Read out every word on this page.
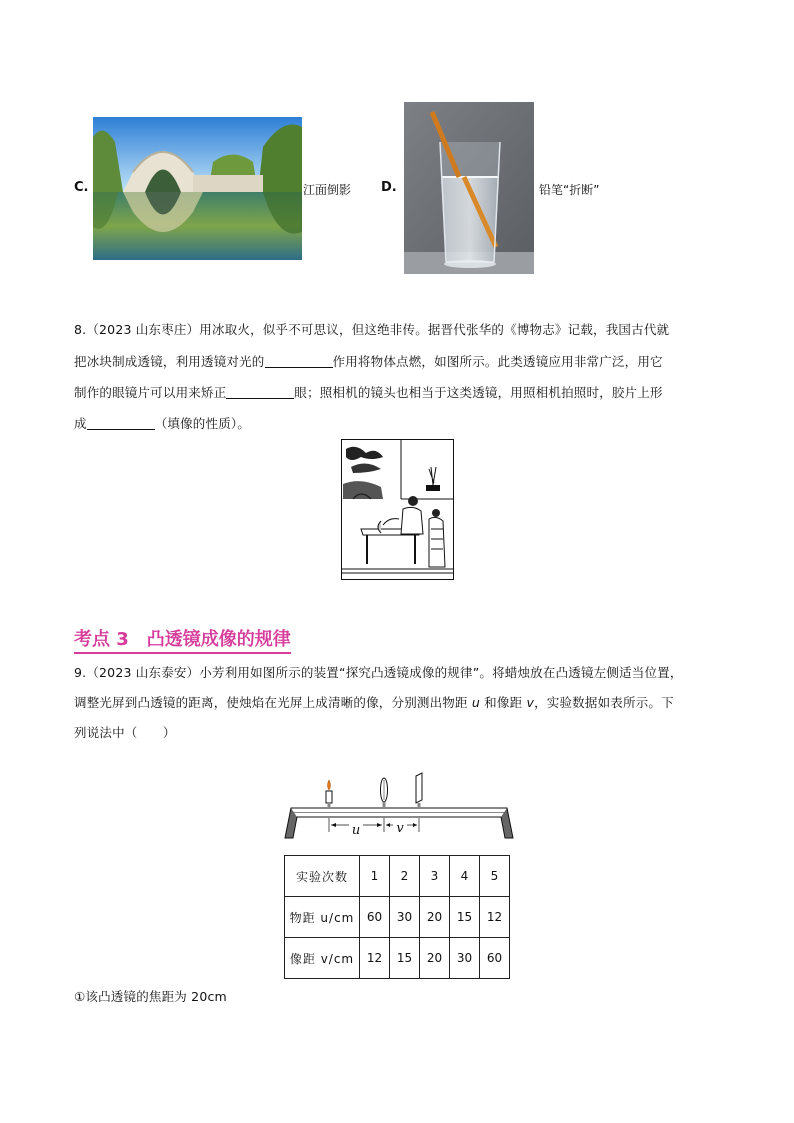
C.	江面倒影 D.	铅笔“折断”
8.（2023 山东枣庄）用冰取火，似乎不可思议，但这绝非传。据晋代张华的《博物志》记载，我国古代就
把冰块制成透镜，利用透镜对光的	作用将物体点燃，如图所示。此类透镜应用非常广泛，用它
制作的眼镜片可以用来矫正	眼；照相机的镜头也相当于这类透镜，用照相机拍照时，胶片上形
成	（填像的性质）。
考点 3　凸透镜成像的规律
9.（2023 山东泰安）小芳利用如图所示的装置“探究凸透镜成像的规律”。将蜡烛放在凸透镜左侧适当位置，
调整光屏到凸透镜的距离，使烛焰在光屏上成清晰的像，分别测出物距 u 和像距 v，实验数据如表所示。下
列说法中（　　）
u	v
实验次数	1	2	3	4	5
物距 u/cm	60	30	20	15	12
像距 v/cm	12	15	20	30	60
①该凸透镜的焦距为 20cm
